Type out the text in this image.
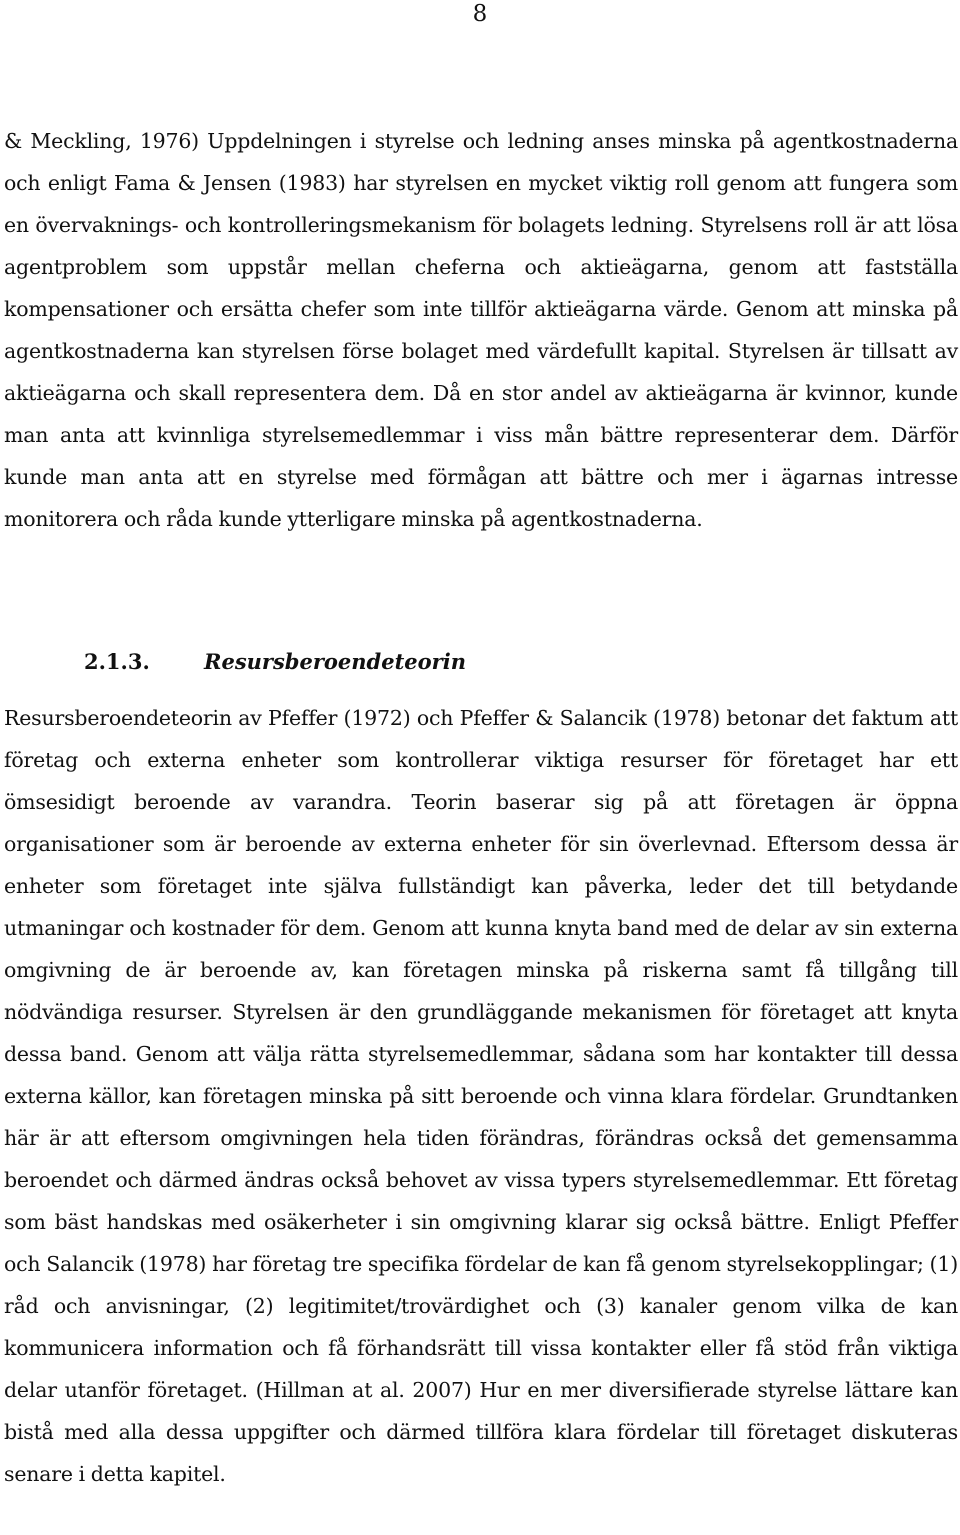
8

& Meckling, 1976) Uppdelningen i styrelse och ledning anses minska på agentkostnaderna och enligt Fama & Jensen (1983) har styrelsen en mycket viktig roll genom att fungera som en övervaknings- och kontrolleringsmekanism för bolagets ledning. Styrelsens roll är att lösa agentproblem som uppstår mellan cheferna och aktieägarna, genom att fastställa kompensationer och ersätta chefer som inte tillför aktieägarna värde. Genom att minska på agentkostnaderna kan styrelsen förse bolaget med värdefullt kapital. Styrelsen är tillsatt av aktieägarna och skall representera dem. Då en stor andel av aktieägarna är kvinnor, kunde man anta att kvinnliga styrelsemedlemmar i viss mån bättre representerar dem. Därför kunde man anta att en styrelse med förmågan att bättre och mer i ägarnas intresse monitorera och råda kunde ytterligare minska på agentkostnaderna.

2.1.3.	Resursberoendeteorin

Resursberoendeteorin av Pfeffer (1972) och Pfeffer & Salancik (1978) betonar det faktum att företag och externa enheter som kontrollerar viktiga resurser för företaget har ett ömsesidigt beroende av varandra. Teorin baserar sig på att företagen är öppna organisationer som är beroende av externa enheter för sin överlevnad. Eftersom dessa är enheter som företaget inte själva fullständigt kan påverka, leder det till betydande utmaningar och kostnader för dem. Genom att kunna knyta band med de delar av sin externa omgivning de är beroende av, kan företagen minska på riskerna samt få tillgång till nödvändiga resurser. Styrelsen är den grundläggande mekanismen för företaget att knyta dessa band. Genom att välja rätta styrelsemedlemmar, sådana som har kontakter till dessa externa källor, kan företagen minska på sitt beroende och vinna klara fördelar. Grundtanken här är att eftersom omgivningen hela tiden förändras, förändras också det gemensamma beroendet och därmed ändras också behovet av vissa typers styrelsemedlemmar. Ett företag som bäst handskas med osäkerheter i sin omgivning klarar sig också bättre. Enligt Pfeffer och Salancik (1978) har företag tre specifika fördelar de kan få genom styrelsekopplingar; (1) råd och anvisningar, (2) legitimitet/trovärdighet och (3) kanaler genom vilka de kan kommunicera information och få förhandsrätt till vissa kontakter eller få stöd från viktiga delar utanför företaget. (Hillman at al. 2007) Hur en mer diversifierade styrelse lättare kan bistå med alla dessa uppgifter och därmed tillföra klara fördelar till företaget diskuteras senare i detta kapitel.
